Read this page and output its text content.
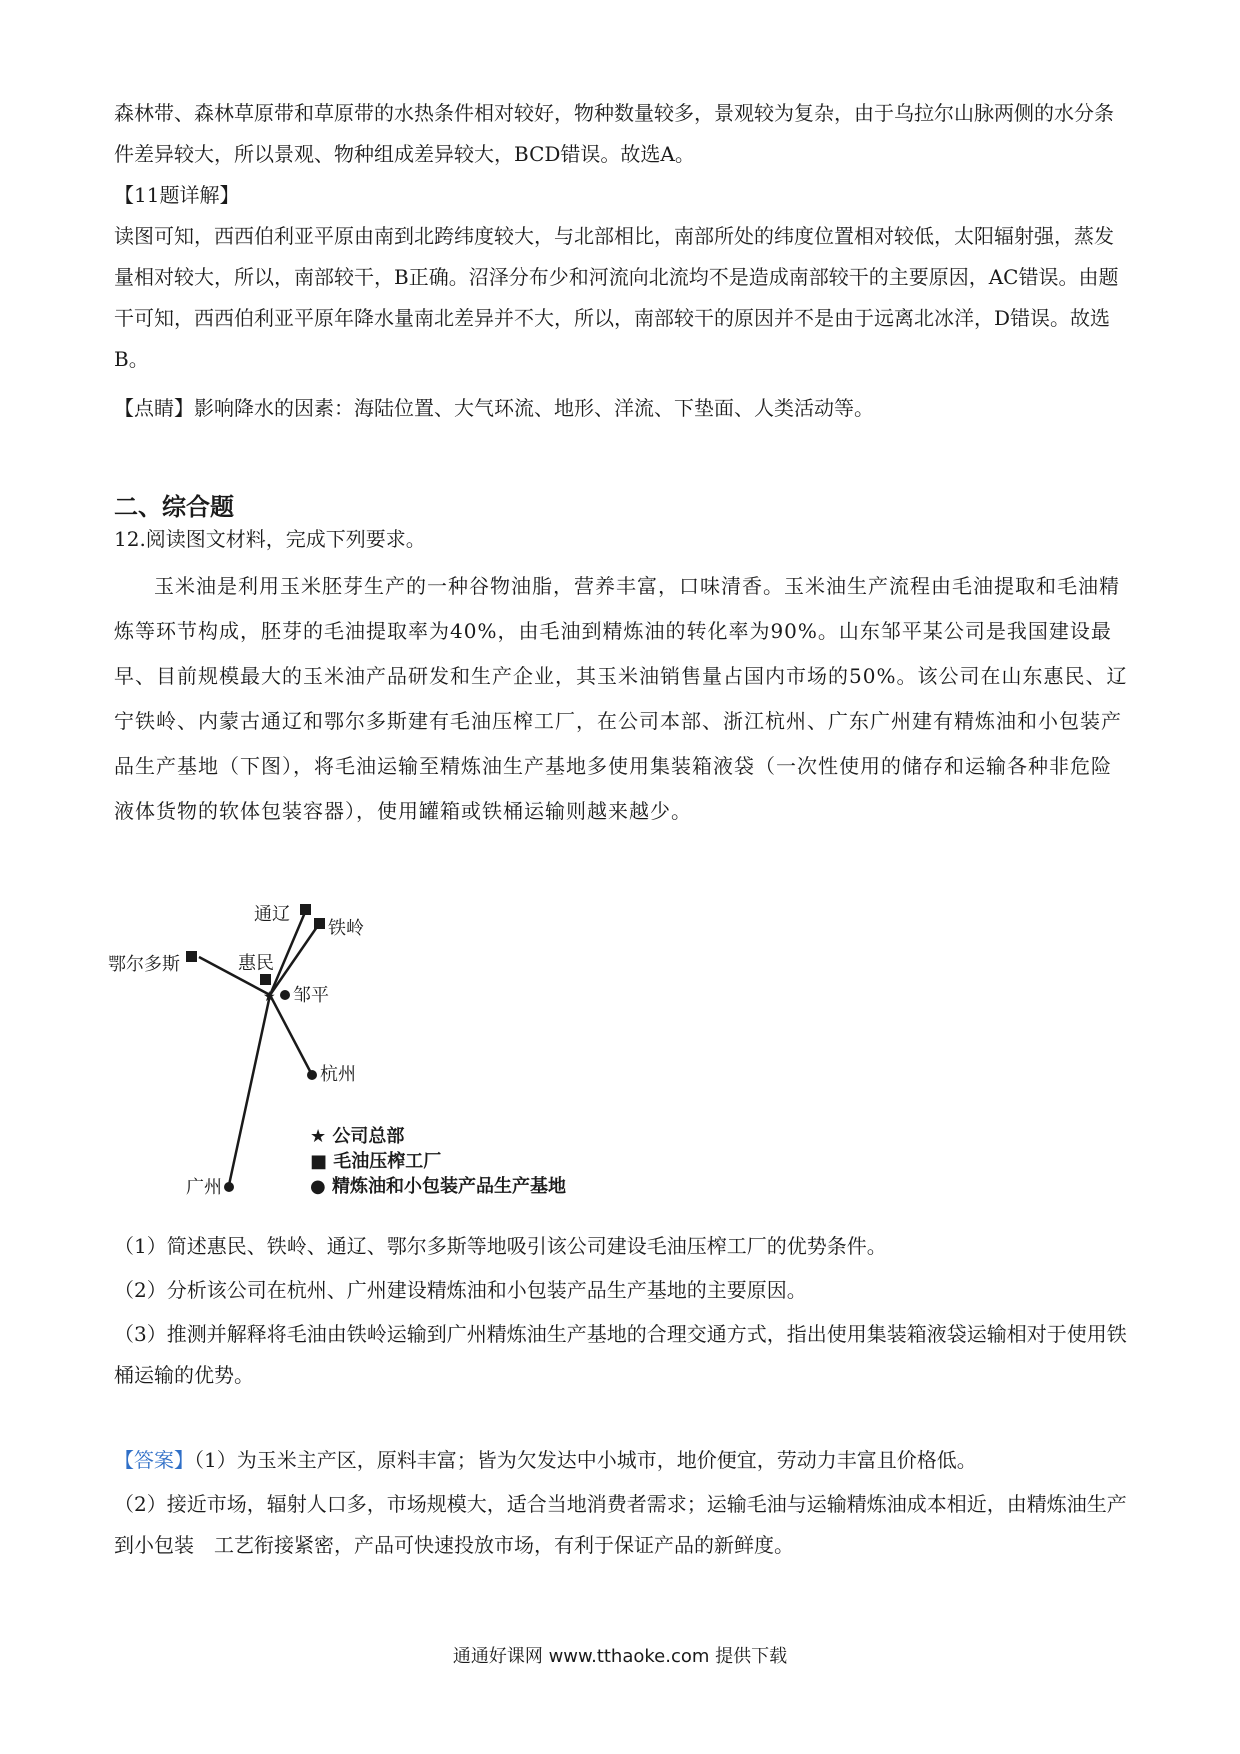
森林带、森林草原带和草原带的水热条件相对较好，物种数量较多，景观较为复杂，由于乌拉尔山脉两侧的水分条件差异较大，所以景观、物种组成差异较大，BCD错误。故选A。

【11题详解】

读图可知，西西伯利亚平原由南到北跨纬度较大，与北部相比，南部所处的纬度位置相对较低，太阳辐射强，蒸发量相对较大，所以，南部较干，B正确。沼泽分布少和河流向北流均不是造成南部较干的主要原因，AC错误。由题干可知，西西伯利亚平原年降水量南北差异并不大，所以，南部较干的原因并不是由于远离北冰洋，D错误。故选B。

【点睛】影响降水的因素：海陆位置、大气环流、地形、洋流、下垫面、人类活动等。

二、综合题

12.阅读图文材料，完成下列要求。

玉米油是利用玉米胚芽生产的一种谷物油脂，营养丰富，口味清香。玉米油生产流程由毛油提取和毛油精炼等环节构成，胚芽的毛油提取率为40%，由毛油到精炼油的转化率为90%。山东邹平某公司是我国建设最早、目前规模最大的玉米油产品研发和生产企业，其玉米油销售量占国内市场的50%。该公司在山东惠民、辽宁铁岭、内蒙古通辽和鄂尔多斯建有毛油压榨工厂，在公司本部、浙江杭州、广东广州建有精炼油和小包装产品生产基地（下图），将毛油运输至精炼油生产基地多使用集装箱液袋（一次性使用的储存和运输各种非危险液体货物的软体包装容器），使用罐箱或铁桶运输则越来越少。

★
通辽
铁岭
鄂尔多斯	惠民
邹平
杭州
广州
★ 公司总部
■ 毛油压榨工厂
● 精炼油和小包装产品生产基地

（1）简述惠民、铁岭、通辽、鄂尔多斯等地吸引该公司建设毛油压榨工厂的优势条件。

（2）分析该公司在杭州、广州建设精炼油和小包装产品生产基地的主要原因。

（3）推测并解释将毛油由铁岭运输到广州精炼油生产基地的合理交通方式，指出使用集装箱液袋运输相对于使用铁桶运输的优势。

【答案】（1）为玉米主产区，原料丰富；皆为欠发达中小城市，地价便宜，劳动力丰富且价格低。

（2）接近市场，辐射人口多，市场规模大，适合当地消费者需求；运输毛油与运输精炼油成本相近，由精炼油生产到小包装　工艺衔接紧密，产品可快速投放市场，有利于保证产品的新鲜度。

通通好课网 www.tthaoke.com 提供下载
